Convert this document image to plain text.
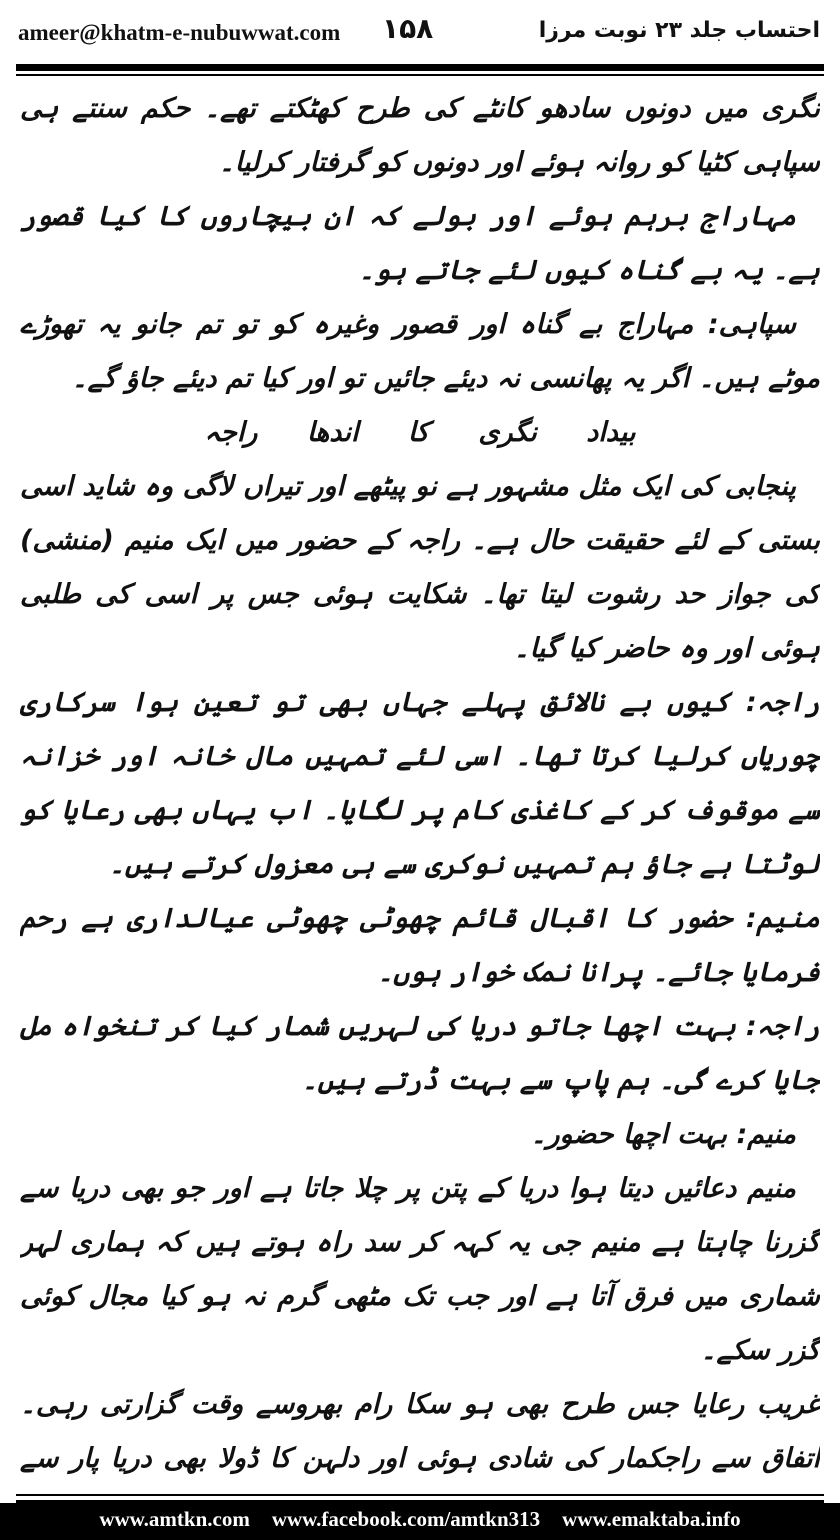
ameer@khatm-e-nubuwwat.com ۱۵۸	احتساب جلد ۲۳ نوبت مرزا

نگری میں دونوں سادھو کانٹے کی طرح کھٹکتے تھے۔ حکم سنتے ہی سپاہی کٹیا کو روانہ ہوئے اور دونوں کو گرفتار کرلیا۔

مہاراج برہم ہوئے اور بولے کہ ان بیچاروں کا کیا قصور ہے۔ یہ بے گناہ کیوں لئے جاتے ہو۔

سپاہی: مہاراج بے گناہ اور قصور وغیرہ کو تو تم جانو یہ تھوڑے موٹے ہیں۔ اگر یہ پھانسی نہ دیئے جائیں تو اور کیا تم دیئے جاؤ گے۔

بیداد نگری کا اندھا راجہ

پنجابی کی ایک مثل مشہور ہے نو پیٹھے اور تیراں لاگی وہ شاید اسی بستی کے لئے حقیقت حال ہے۔ راجہ کے حضور میں ایک منیم (منشی) کی جواز حد رشوت لیتا تھا۔ شکایت ہوئی جس پر اسی کی طلبی ہوئی اور وہ حاضر کیا گیا۔

راجہ: کیوں بے نالائق پہلے جہاں بھی تو تعین ہوا سرکاری چوریاں کرلیا کرتا تھا۔ اسی لئے تمہیں مال خانہ اور خزانہ سے موقوف کر کے کاغذی کام پر لگایا۔ اب یہاں بھی رعایا کو لوٹتا ہے جاؤ ہم تمہیں نوکری سے ہی معزول کرتے ہیں۔

منیم: حضور کا اقبال قائم چھوٹی چھوٹی عیالداری ہے رحم فرمایا جائے۔ پرانا نمک خوار ہوں۔

راجہ: بہت اچھا جاتو دریا کی لہریں شمار کیا کر تنخواہ مل جایا کرے گی۔ ہم پاپ سے بہت ڈرتے ہیں۔

منیم: بہت اچھا حضور۔

منیم دعائیں دیتا ہوا دریا کے پتن پر چلا جاتا ہے اور جو بھی دریا سے گزرنا چاہتا ہے منیم جی یہ کہہ کر سد راہ ہوتے ہیں کہ ہماری لہر شماری میں فرق آتا ہے اور جب تک مٹھی گرم نہ ہو کیا مجال کوئی گزر سکے۔

غریب رعایا جس طرح بھی ہو سکا رام بھروسے وقت گزارتی رہی۔ اتفاق سے راجکمار کی شادی ہوئی اور دلہن کا ڈولا بھی دریا پار سے

www.amtkn.com www.facebook.com/amtkn313 www.emaktaba.info
